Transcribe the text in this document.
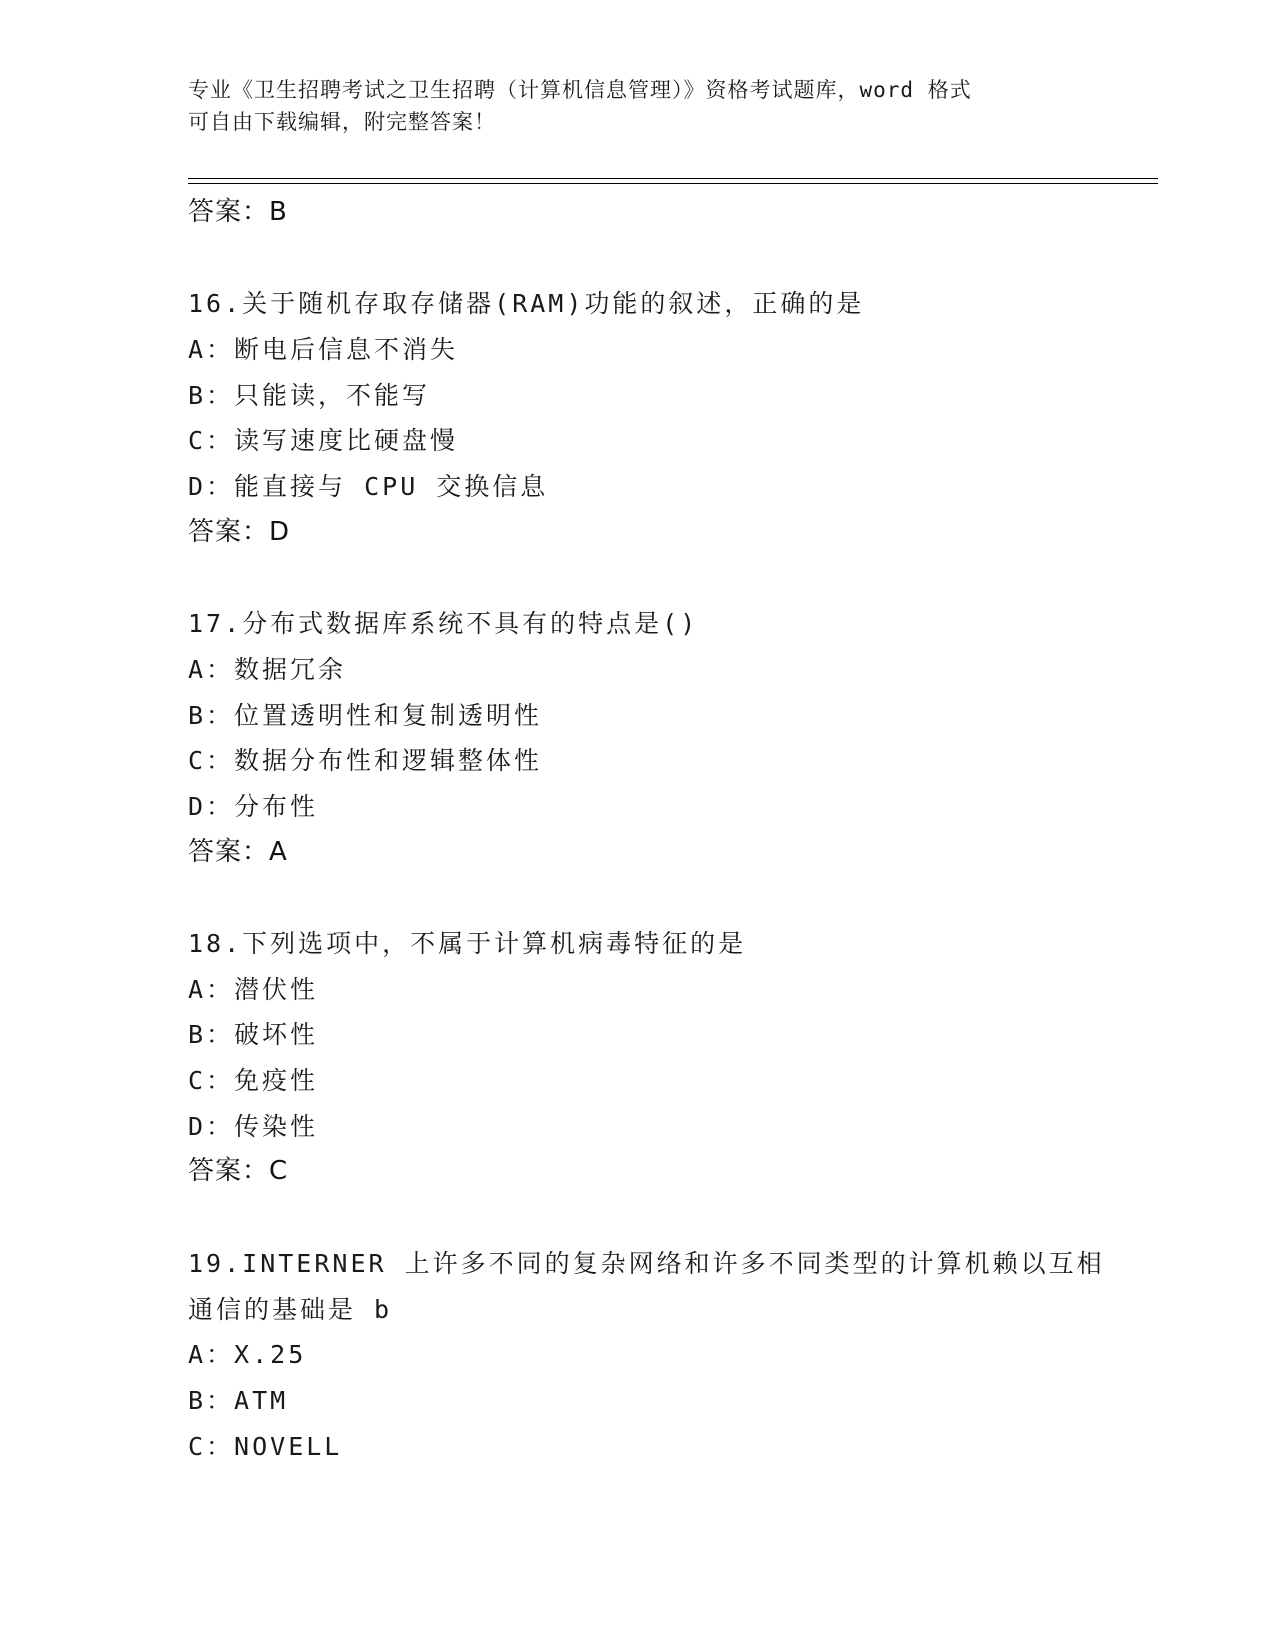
专业《卫生招聘考试之卫生招聘（计算机信息管理）》资格考试题库，word 格式
可自由下载编辑，附完整答案！
答案：B
16.关于随机存取存储器(RAM)功能的叙述，正确的是
A：断电后信息不消失
B：只能读，不能写
C：读写速度比硬盘慢
D：能直接与 CPU 交换信息
答案：D
17.分布式数据库系统不具有的特点是()
A：数据冗余
B：位置透明性和复制透明性
C：数据分布性和逻辑整体性
D：分布性
答案：A
18.下列选项中，不属于计算机病毒特征的是
A：潜伏性
B：破坏性
C：免疫性
D：传染性
答案：C
19.INTERNER 上许多不同的复杂网络和许多不同类型的计算机赖以互相
通信的基础是 b
A：X.25
B：ATM
C：NOVELL
